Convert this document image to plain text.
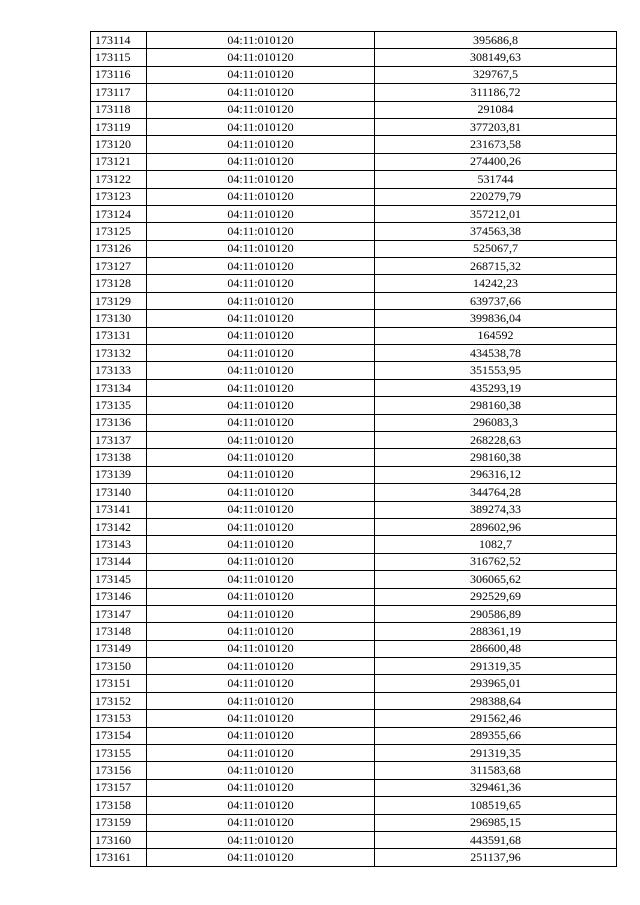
173114	04:11:010120	395686,8
173115	04:11:010120	308149,63
173116	04:11:010120	329767,5
173117	04:11:010120	311186,72
173118	04:11:010120	291084
173119	04:11:010120	377203,81
173120	04:11:010120	231673,58
173121	04:11:010120	274400,26
173122	04:11:010120	531744
173123	04:11:010120	220279,79
173124	04:11:010120	357212,01
173125	04:11:010120	374563,38
173126	04:11:010120	525067,7
173127	04:11:010120	268715,32
173128	04:11:010120	14242,23
173129	04:11:010120	639737,66
173130	04:11:010120	399836,04
173131	04:11:010120	164592
173132	04:11:010120	434538,78
173133	04:11:010120	351553,95
173134	04:11:010120	435293,19
173135	04:11:010120	298160,38
173136	04:11:010120	296083,3
173137	04:11:010120	268228,63
173138	04:11:010120	298160,38
173139	04:11:010120	296316,12
173140	04:11:010120	344764,28
173141	04:11:010120	389274,33
173142	04:11:010120	289602,96
173143	04:11:010120	1082,7
173144	04:11:010120	316762,52
173145	04:11:010120	306065,62
173146	04:11:010120	292529,69
173147	04:11:010120	290586,89
173148	04:11:010120	288361,19
173149	04:11:010120	286600,48
173150	04:11:010120	291319,35
173151	04:11:010120	293965,01
173152	04:11:010120	298388,64
173153	04:11:010120	291562,46
173154	04:11:010120	289355,66
173155	04:11:010120	291319,35
173156	04:11:010120	311583,68
173157	04:11:010120	329461,36
173158	04:11:010120	108519,65
173159	04:11:010120	296985,15
173160	04:11:010120	443591,68
173161	04:11:010120	251137,96
